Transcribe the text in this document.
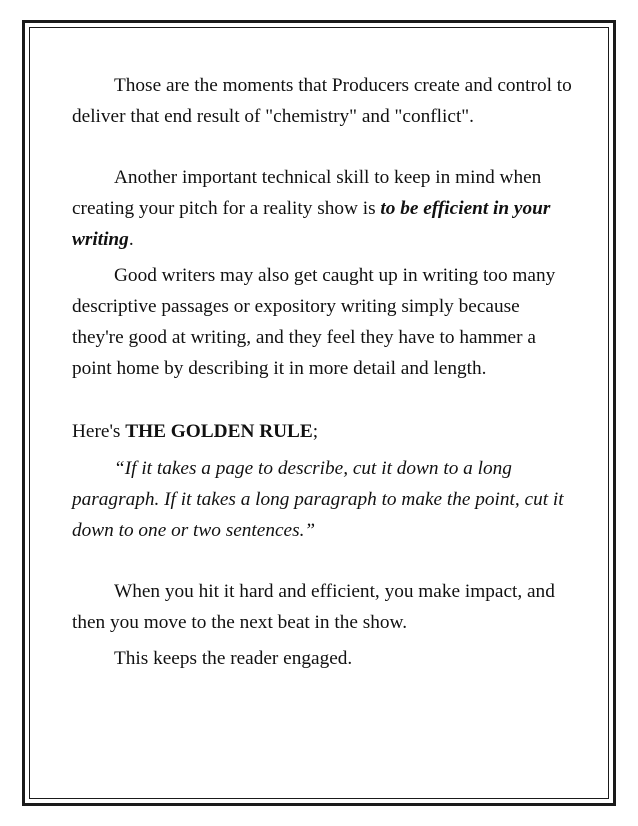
Those are the moments that Producers create and control to deliver that end result of "chemistry" and "conflict".

Another important technical skill to keep in mind when creating your pitch for a reality show is to be efficient in your writing.

Good writers may also get caught up in writing too many descriptive passages or expository writing simply because they're good at writing, and they feel they have to hammer a point home by describing it in more detail and length.

Here's THE GOLDEN RULE;

“If it takes a page to describe, cut it down to a long paragraph. If it takes a long paragraph to make the point, cut it down to one or two sentences.”

When you hit it hard and efficient, you make impact, and then you move to the next beat in the show.

This keeps the reader engaged.
